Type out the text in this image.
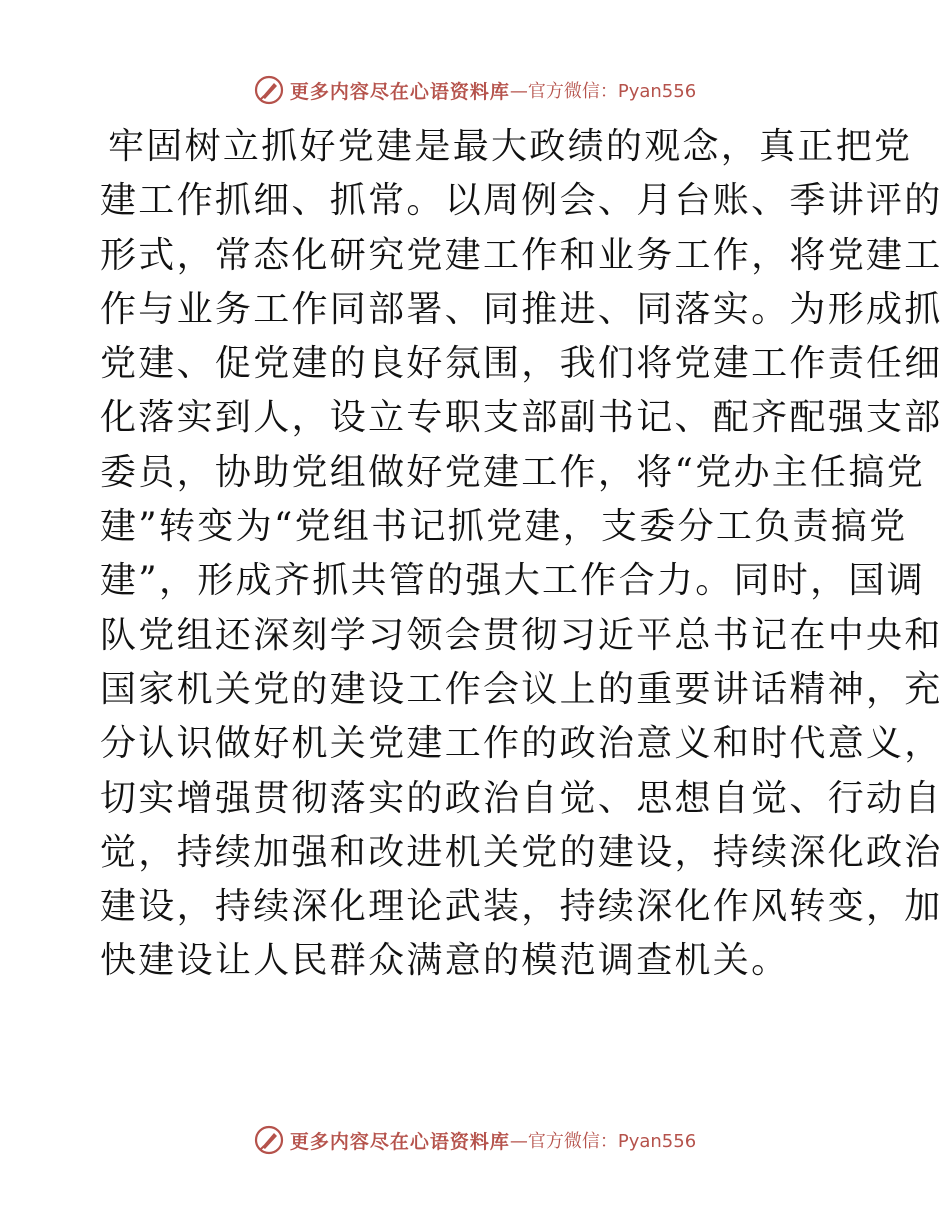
更多内容尽在心语资料库 —官方微信：Pyan556
牢固树立抓好党建是最大政绩的观念，真正把党
建工作抓细、抓常。以周例会、月台账、季讲评的
形式，常态化研究党建工作和业务工作，将党建工
作与业务工作同部署、同推进、同落实。为形成抓
党建、促党建的良好氛围，我们将党建工作责任细
化落实到人，设立专职支部副书记、配齐配强支部
委员，协助党组做好党建工作，将“党办主任搞党
建”转变为“党组书记抓党建，支委分工负责搞党
建”，形成齐抓共管的强大工作合力。同时，国调
队党组还深刻学习领会贯彻习近平总书记在中央和
国家机关党的建设工作会议上的重要讲话精神，充
分认识做好机关党建工作的政治意义和时代意义，
切实增强贯彻落实的政治自觉、思想自觉、行动自
觉，持续加强和改进机关党的建设，持续深化政治
建设，持续深化理论武装，持续深化作风转变，加
快建设让人民群众满意的模范调查机关。
更多内容尽在心语资料库 —官方微信：Pyan556
